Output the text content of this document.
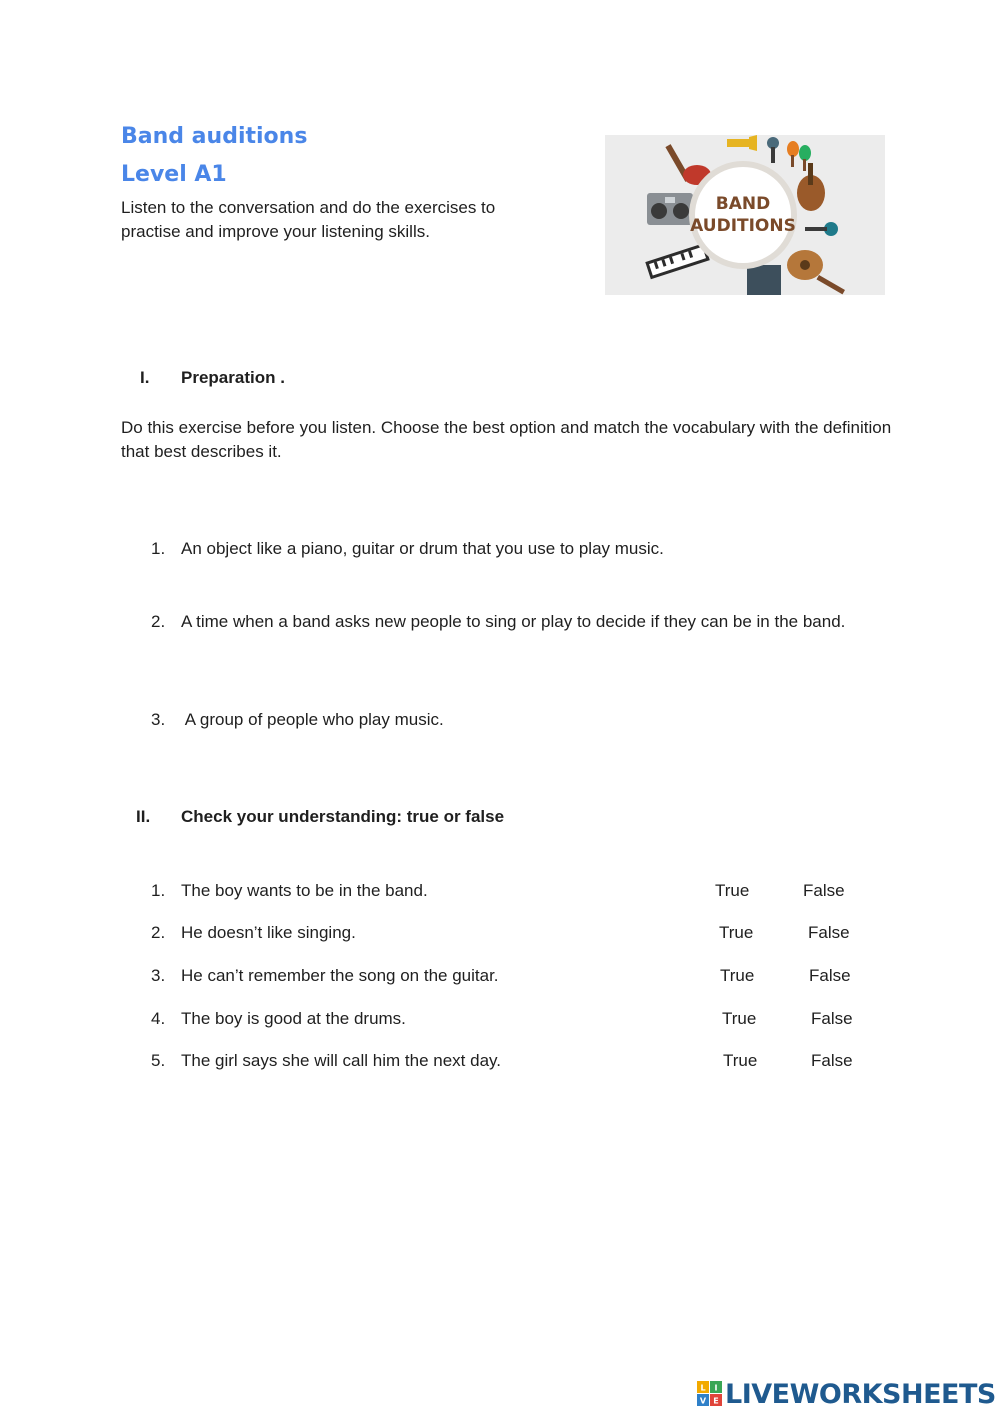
Band auditions
Level A1
Listen to the conversation and do the exercises to practise and improve your listening skills.
BAND
AUDITIONS
I. Preparation .
Do this exercise before you listen. Choose the best option and match the vocabulary with the definition that best describes it.
1. An object like a piano, guitar or drum that you use to play music.
2. A time when a band asks new people to sing or play to decide if they can be in the band.
3. A group of people who play music.
II. Check your understanding: true or false
1. The boy wants to be in the band.	True	False
2. He doesn’t like singing.	True	False
3. He can’t remember the song on the guitar.	True	False
4. The boy is good at the drums.	True	False
5. The girl says she will call him the next day.	True	False
L I
V E LIVEWORKSHEETS
